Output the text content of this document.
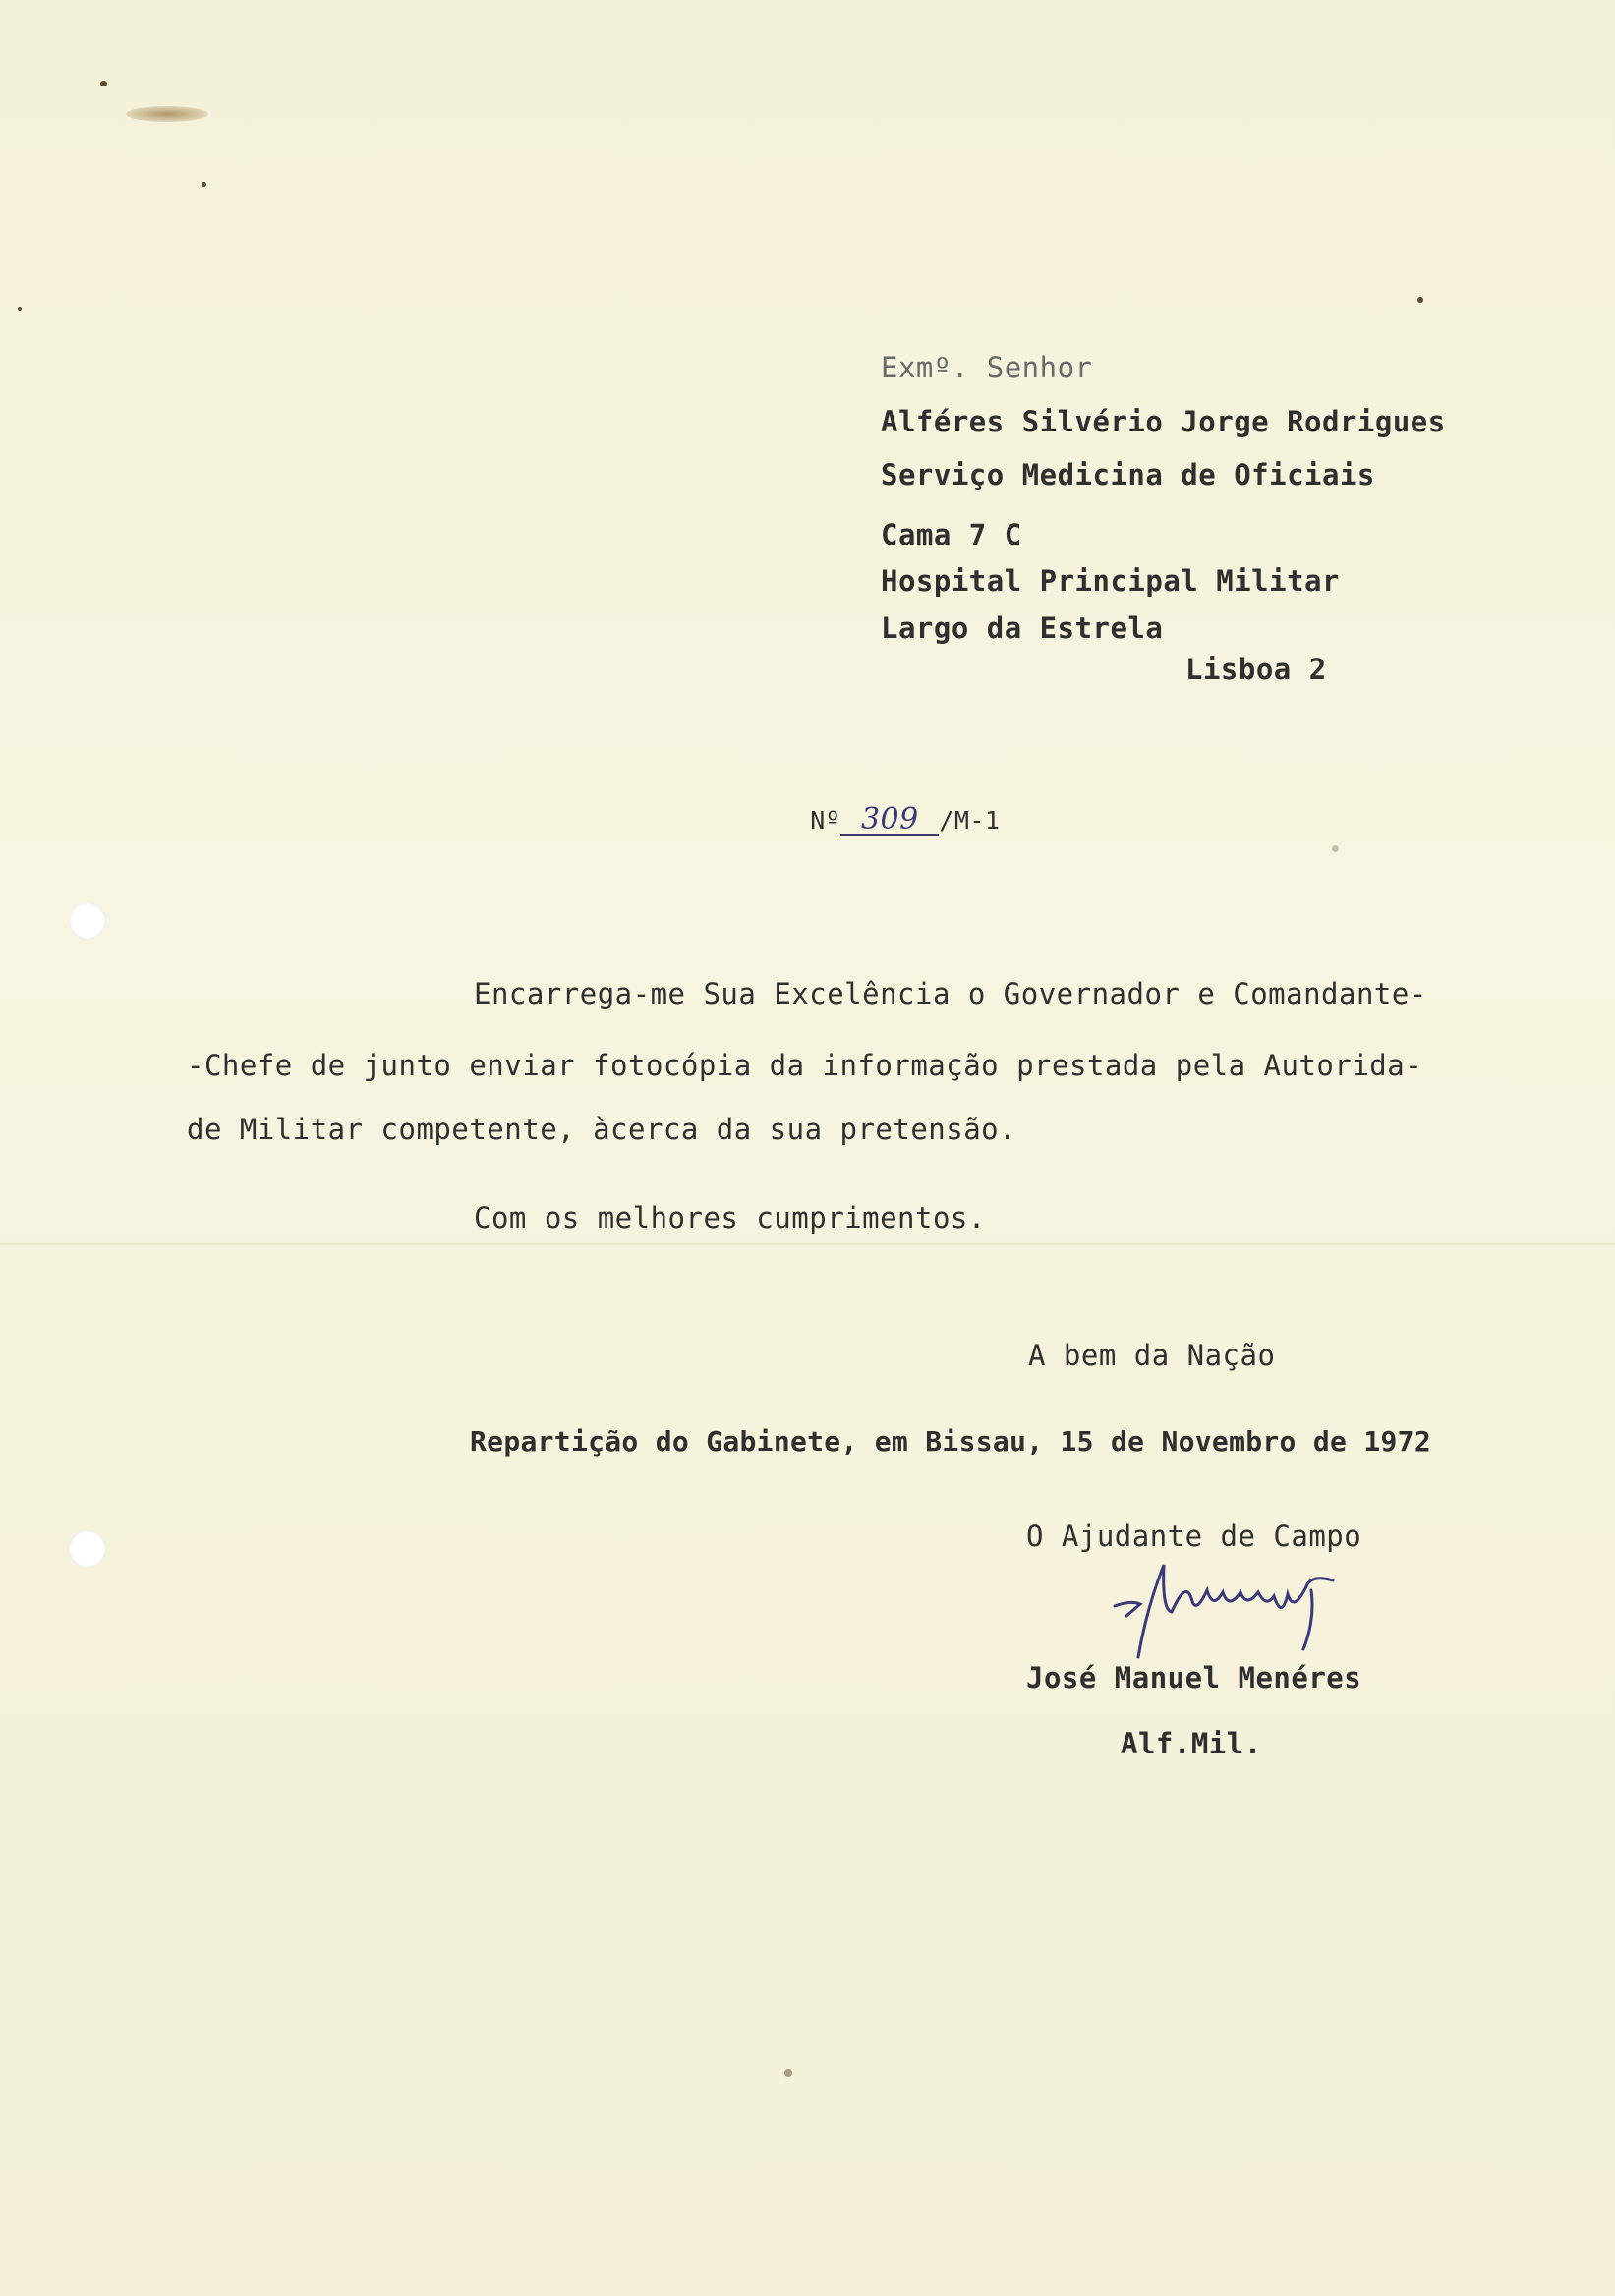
Exmº. Senhor
Alféres Silvério Jorge Rodrigues
Serviço Medicina de Oficiais
Cama 7 C
Hospital Principal Militar
Largo da Estrela
Lisboa 2

Nº 309 /M-1

Encarrega-me Sua Excelência o Governador e Comandante-
-Chefe de junto enviar fotocópia da informação prestada pela Autorida-
de Militar competente, àcerca da sua pretensão.
Com os melhores cumprimentos.
A bem da Nação
Repartição do Gabinete, em Bissau, 15 de Novembro de 1972
O Ajudante de Campo
José Manuel Menéres
Alf.Mil.
